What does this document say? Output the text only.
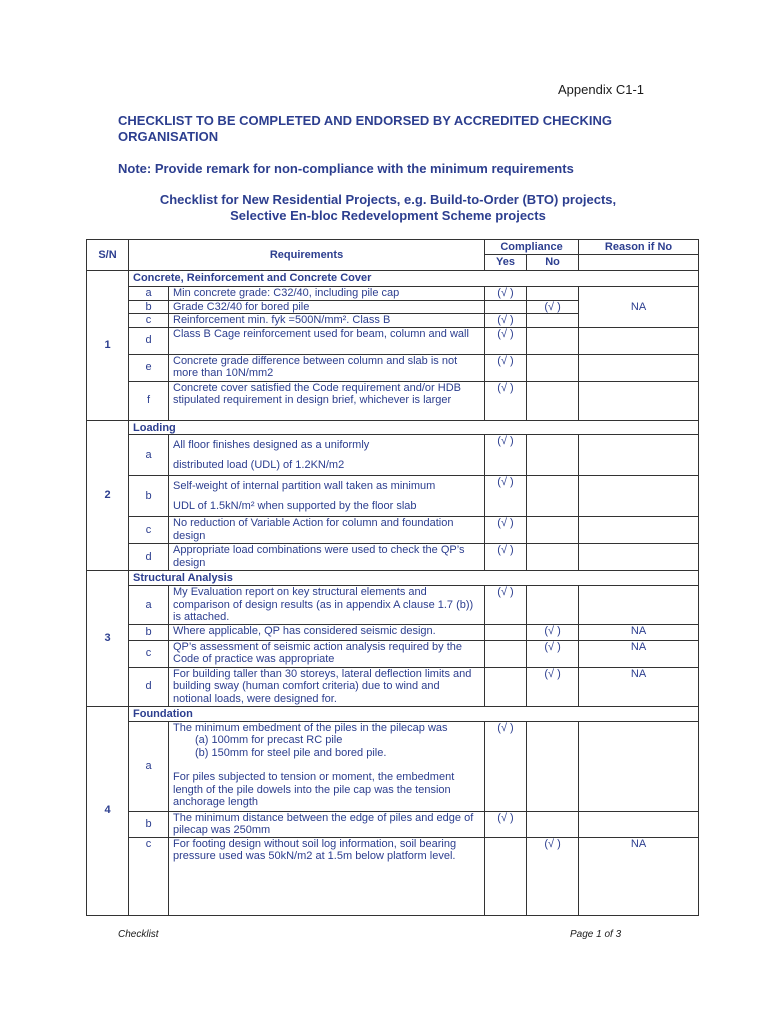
Appendix C1-1
CHECKLIST TO BE COMPLETED AND ENDORSED BY ACCREDITED CHECKING ORGANISATION
Note: Provide remark for non-compliance with the minimum requirements
Checklist for New Residential Projects, e.g. Build-to-Order (BTO) projects,
Selective En-bloc Redevelopment Scheme projects
S/N	Requirements		Compliance		Reason if No
			Yes	No	
1	Concrete, Reinforcement and Concrete Cover				
	a	Min concrete grade: C32/40, including pile cap	(√ )		NA
	b	Grade C32/40 for bored pile		(√ )	
	c	Reinforcement min. fyk =500N/mm². Class B	(√ )		
	d	Class B Cage reinforcement used for beam, column and wall	(√ )		
	e	Concrete grade difference between column and slab is not more than 10N/mm2	(√ )		
	f	Concrete cover satisfied the Code requirement and/or HDB stipulated requirement in design brief, whichever is larger	(√ )		
2	Loading				
	a	All floor finishes designed as a uniformly
distributed load (UDL) of 1.2KN/m2	(√ )		
	b	Self-weight of internal partition wall taken as minimum
UDL of 1.5kN/m² when supported by the floor slab	(√ )		
	c	No reduction of Variable Action for column and foundation design	(√ )		
	d	Appropriate load combinations were used to check the QP’s design	(√ )		
3	Structural Analysis				
	a	My Evaluation report on key structural elements and comparison of design results (as in appendix A clause 1.7 (b)) is attached.	(√ )		
	b	Where applicable, QP has considered seismic design.		(√ )	NA
	c	QP’s assessment of seismic action analysis required by the Code of practice was appropriate		(√ )	NA
	d	For building taller than 30 storeys, lateral deflection limits and building sway (human comfort criteria) due to wind and notional loads, were designed for.		(√ )	NA
4	Foundation				
	a	The minimum embedment of the piles in the pilecap was
(a) 100mm for precast RC pile
(b) 150mm for steel pile and bored pile.
For piles subjected to tension or moment, the embedment length of the pile dowels into the pile cap was the tension anchorage length	(√ )		
	b	The minimum distance between the edge of piles and edge of pilecap was 250mm	(√ )		
	c	For footing design without soil log information, soil bearing pressure used was 50kN/m2 at 1.5m below platform level.		(√ )	NA
Checklist	Page 1 of 3
